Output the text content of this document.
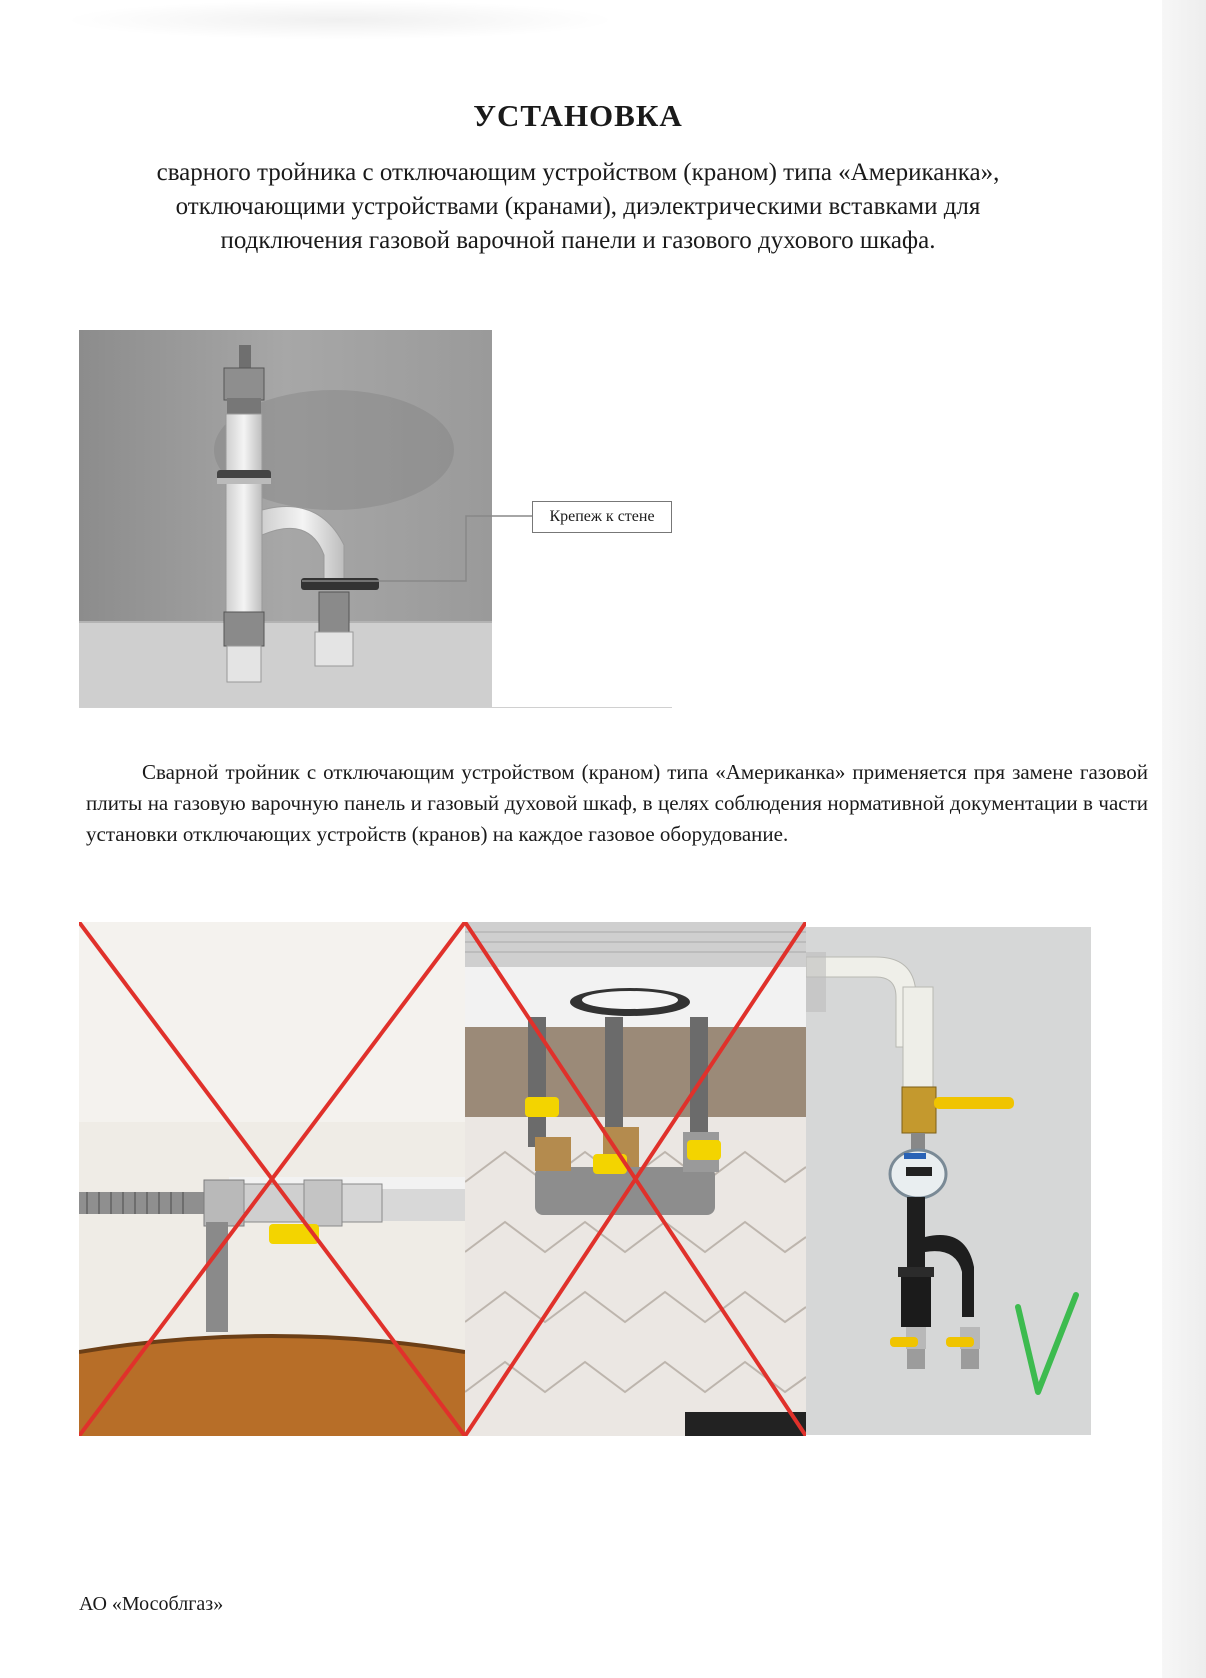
УСТАНОВКА
сварного тройника с отключающим устройством (краном) типа «Американка», отключающими устройствами (кранами), диэлектрическими вставками для подключения газовой варочной панели и газового духового шкафа.
Крепеж к стене
Сварной тройник с отключающим устройством (краном) типа «Американка» применяется пря замене газовой плиты на газовую варочную панель и газовый духовой шкаф, в целях соблюдения нормативной документации в части установки отключающих устройств (кранов) на каждое газовое оборудование.
АО «Мособлгаз»
